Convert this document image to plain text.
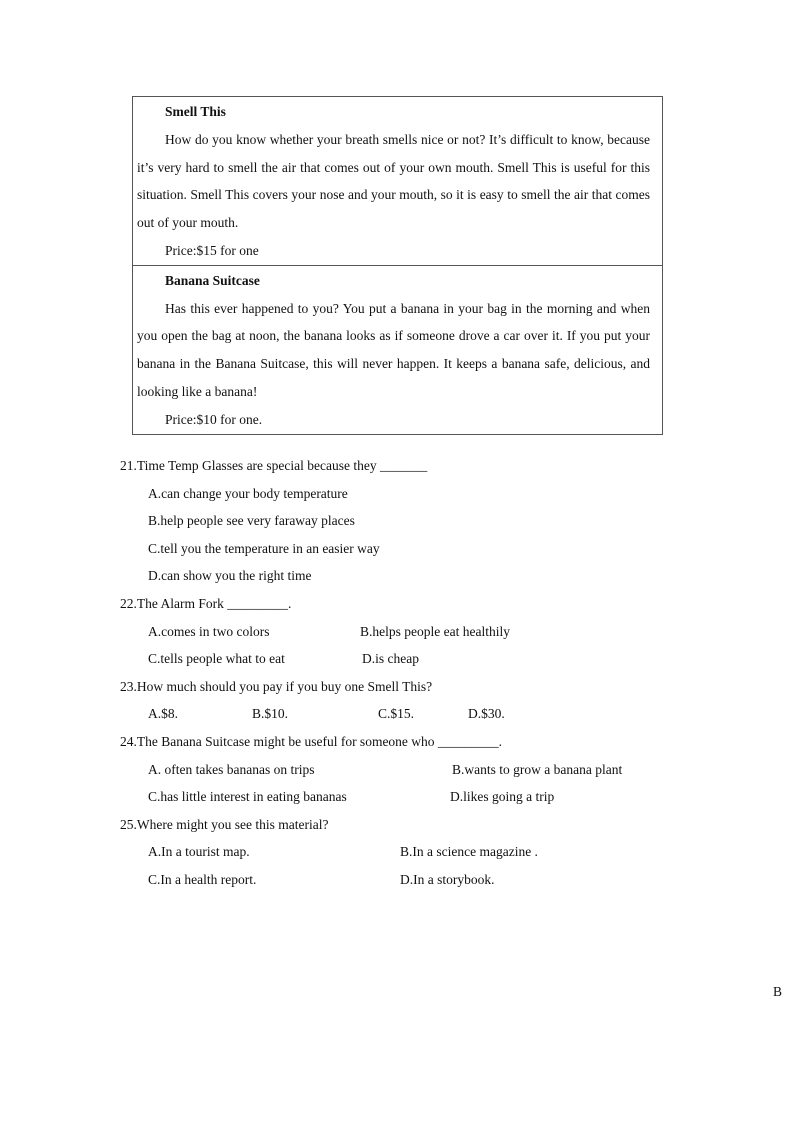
Smell This

How do you know whether your breath smells nice or not? It’s difficult to know, because it’s very hard to smell the air that comes out of your own mouth. Smell This is useful for this situation. Smell This covers your nose and your mouth, so it is easy to smell the air that comes out of your mouth.

Price:$15 for one

Banana Suitcase

Has this ever happened to you? You put a banana in your bag in the morning and when you open the bag at noon, the banana looks as if someone drove a car over it. If you put your banana in the Banana Suitcase, this will never happen. It keeps a banana safe, delicious, and looking like a banana!

Price:$10 for one.

21.Time Temp Glasses are special because they _______
A.can change your body temperature
B.help people see very faraway places
C.tell you the temperature in an easier way
D.can show you the right time
22.The Alarm Fork _________.
A.comes in two colors	B.helps people eat healthily
C.tells people what to eat	D.is cheap
23.How much should you pay if you buy one Smell This?
A.$8.	B.$10.	C.$15.	D.$30.
24.The Banana Suitcase might be useful for someone who _________.
A. often takes bananas on trips	B.wants to grow a banana plant
C.has little interest in eating bananas	D.likes going a trip
25.Where might you see this material?
A.In a tourist map.	B.In a science magazine .
C.In a health report.	D.In a storybook.
B
